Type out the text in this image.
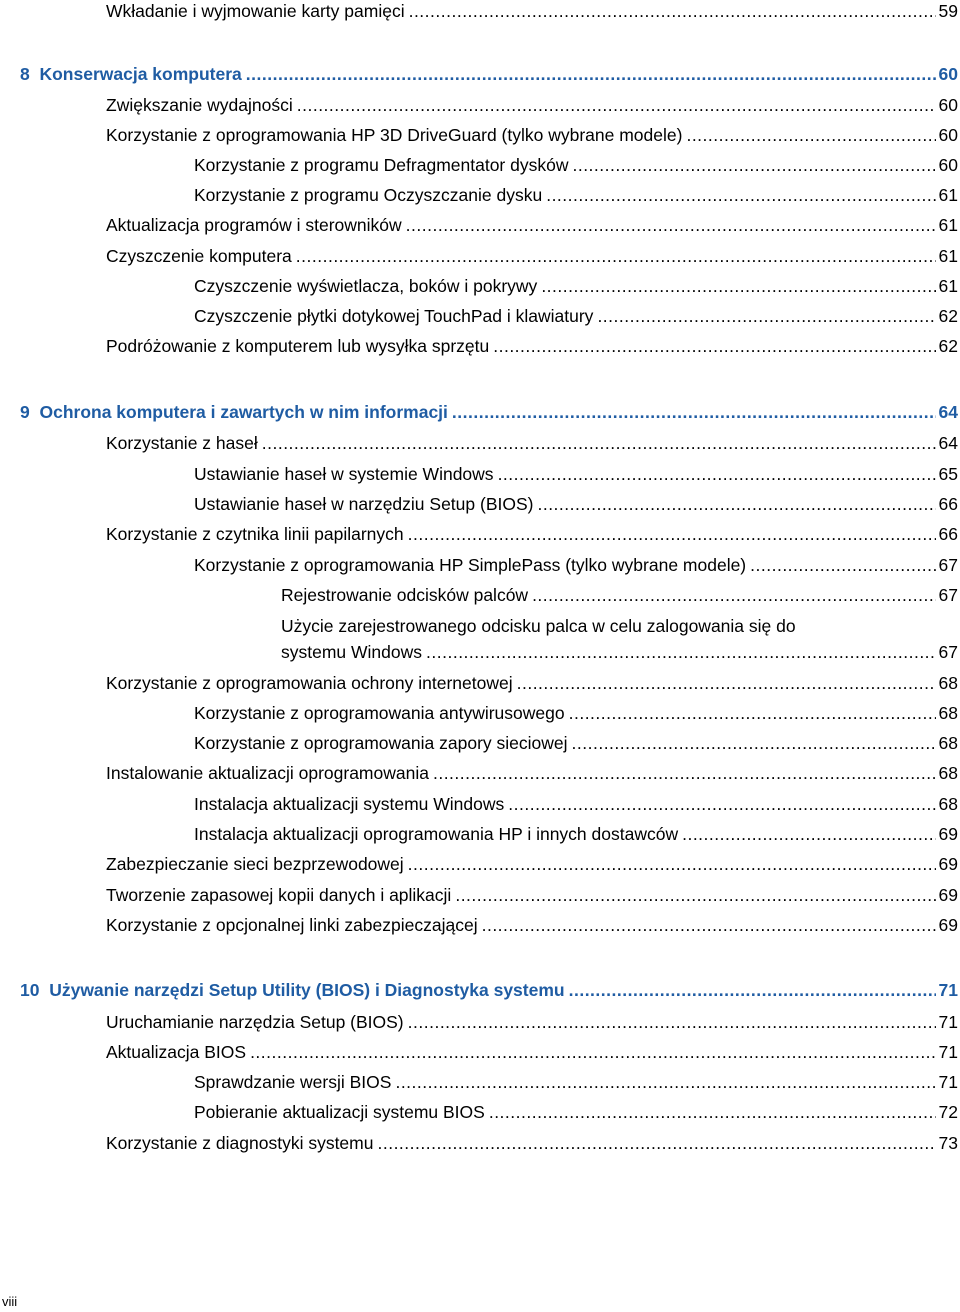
Wkładanie i wyjmowanie karty pamięci .....	59
8 Konserwacja komputera .....	60
Zwiększanie wydajności .....	60
Korzystanie z oprogramowania HP 3D DriveGuard (tylko wybrane modele) .....	60
Korzystanie z programu Defragmentator dysków .....	60
Korzystanie z programu Oczyszczanie dysku .....	61
Aktualizacja programów i sterowników .....	61
Czyszczenie komputera .....	61
Czyszczenie wyświetlacza, boków i pokrywy .....	61
Czyszczenie płytki dotykowej TouchPad i klawiatury .....	62
Podróżowanie z komputerem lub wysyłka sprzętu .....	62
9 Ochrona komputera i zawartych w nim informacji .....	64
Korzystanie z haseł .....	64
Ustawianie haseł w systemie Windows .....	65
Ustawianie haseł w narzędziu Setup (BIOS) .....	66
Korzystanie z czytnika linii papilarnych .....	66
Korzystanie z oprogramowania HP SimplePass (tylko wybrane modele) .....	67
Rejestrowanie odcisków palców .....	67
Użycie zarejestrowanego odcisku palca w celu zalogowania się do
systemu Windows .....	67
Korzystanie z oprogramowania ochrony internetowej .....	68
Korzystanie z oprogramowania antywirusowego .....	68
Korzystanie z oprogramowania zapory sieciowej .....	68
Instalowanie aktualizacji oprogramowania .....	68
Instalacja aktualizacji systemu Windows .....	68
Instalacja aktualizacji oprogramowania HP i innych dostawców .....	69
Zabezpieczanie sieci bezprzewodowej .....	69
Tworzenie zapasowej kopii danych i aplikacji .....	69
Korzystanie z opcjonalnej linki zabezpieczającej .....	69
10 Używanie narzędzi Setup Utility (BIOS) i Diagnostyka systemu .....	71
Uruchamianie narzędzia Setup (BIOS) .....	71
Aktualizacja BIOS .....	71
Sprawdzanie wersji BIOS .....	71
Pobieranie aktualizacji systemu BIOS .....	72
Korzystanie z diagnostyki systemu .....	73
viii
